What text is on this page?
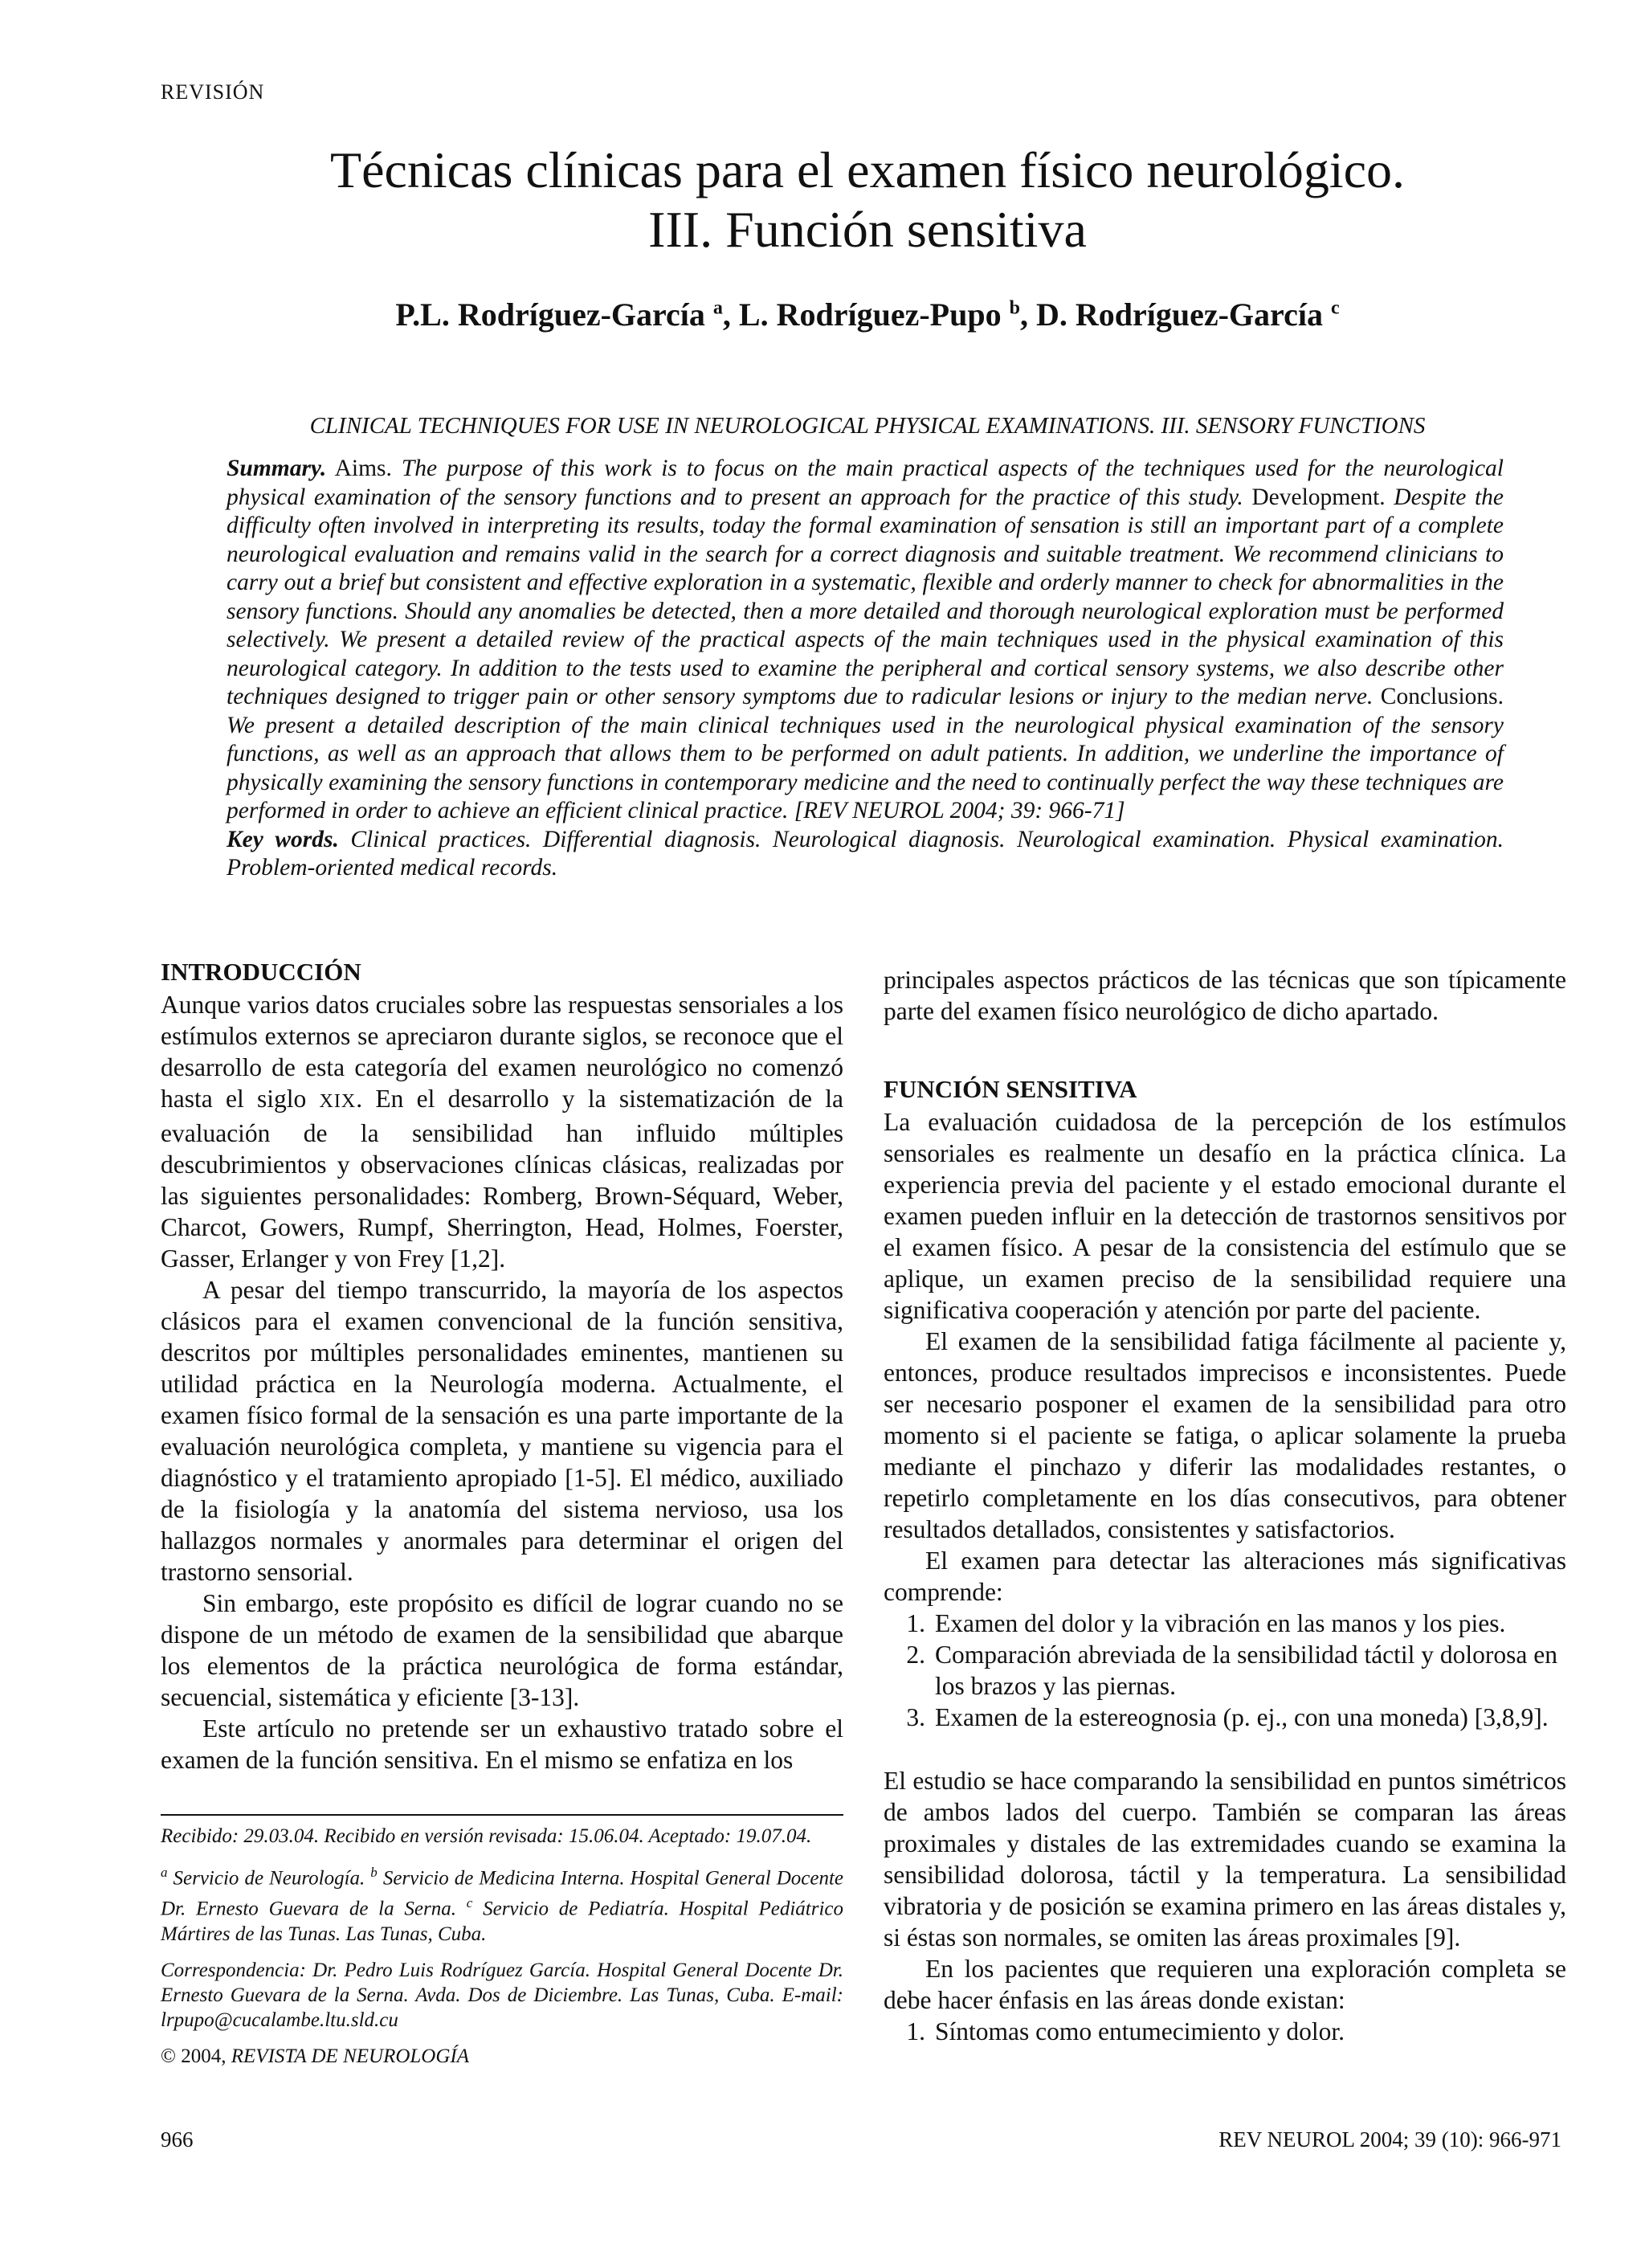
REVISIÓN
Técnicas clínicas para el examen físico neurológico.
III. Función sensitiva
P.L. Rodríguez-García $^a$, L. Rodríguez-Pupo $^b$, D. Rodríguez-García $^c$
CLINICAL TECHNIQUES FOR USE IN NEUROLOGICAL PHYSICAL EXAMINATIONS. III. SENSORY FUNCTIONS

Summary. Aims. The purpose of this work is to focus on the main practical aspects of the techniques used for the neurological physical examination of the sensory functions and to present an approach for the practice of this study. Development. Despite the difficulty often involved in interpreting its results, today the formal examination of sensation is still an important part of a complete neurological evaluation and remains valid in the search for a correct diagnosis and suitable treatment. We recommend clinicians to carry out a brief but consistent and effective exploration in a systematic, flexible and orderly manner to check for abnormalities in the sensory functions. Should any anomalies be detected, then a more detailed and thorough neurological exploration must be performed selectively. We present a detailed review of the practical aspects of the main techniques used in the physical examination of this neurological category. In addition to the tests used to examine the peripheral and cortical sensory systems, we also describe other techniques designed to trigger pain or other sensory symptoms due to radicular lesions or injury to the median nerve. Conclusions. We present a detailed description of the main clinical techniques used in the neurological physical examination of the sensory functions, as well as an approach that allows them to be performed on adult patients. In addition, we underline the importance of physically examining the sensory functions in contemporary medicine and the need to continually perfect the way these techniques are performed in order to achieve an efficient clinical practice. [REV NEUROL 2004; 39: 966-71]

Key words. Clinical practices. Differential diagnosis. Neurological diagnosis. Neurological examination. Physical examination. Problem-oriented medical records.

INTRODUCCIÓN

Aunque varios datos cruciales sobre las respuestas sensoriales a los estímulos externos se apreciaron durante siglos, se reconoce que el desarrollo de esta categoría del examen neurológico no comenzó hasta el siglo XIX. En el desarrollo y la sistematización de la evaluación de la sensibilidad han influido múltiples descubrimientos y observaciones clínicas clásicas, realizadas por las siguientes personalidades: Romberg, Brown-Séquard, Weber, Charcot, Gowers, Rumpf, Sherrington, Head, Holmes, Foerster, Gasser, Erlanger y von Frey [1,2].

A pesar del tiempo transcurrido, la mayoría de los aspectos clásicos para el examen convencional de la función sensitiva, descritos por múltiples personalidades eminentes, mantienen su utilidad práctica en la Neurología moderna. Actualmente, el examen físico formal de la sensación es una parte importante de la evaluación neurológica completa, y mantiene su vigencia para el diagnóstico y el tratamiento apropiado [1-5]. El médico, auxiliado de la fisiología y la anatomía del sistema nervioso, usa los hallazgos normales y anormales para determinar el origen del trastorno sensorial.

Sin embargo, este propósito es difícil de lograr cuando no se dispone de un método de examen de la sensibilidad que abarque los elementos de la práctica neurológica de forma estándar, secuencial, sistemática y eficiente [3-13].

Este artículo no pretende ser un exhaustivo tratado sobre el examen de la función sensitiva. En el mismo se enfatiza en los

Recibido: 29.03.04. Recibido en versión revisada: 15.06.04. Aceptado: 19.07.04.

$^a$ Servicio de Neurología. $^b$ Servicio de Medicina Interna. Hospital General Docente Dr. Ernesto Guevara de la Serna. $^c$ Servicio de Pediatría. Hospital Pediátrico Mártires de las Tunas. Las Tunas, Cuba.

Correspondencia: Dr. Pedro Luis Rodríguez García. Hospital General Docente Dr. Ernesto Guevara de la Serna. Avda. Dos de Diciembre. Las Tunas, Cuba. E-mail: lrpupo@cucalambe.ltu.sld.cu

© 2004, REVISTA DE NEUROLOGÍA

principales aspectos prácticos de las técnicas que son típicamente parte del examen físico neurológico de dicho apartado.

FUNCIÓN SENSITIVA

La evaluación cuidadosa de la percepción de los estímulos sensoriales es realmente un desafío en la práctica clínica. La experiencia previa del paciente y el estado emocional durante el examen pueden influir en la detección de trastornos sensitivos por el examen físico. A pesar de la consistencia del estímulo que se aplique, un examen preciso de la sensibilidad requiere una significativa cooperación y atención por parte del paciente.

El examen de la sensibilidad fatiga fácilmente al paciente y, entonces, produce resultados imprecisos e inconsistentes. Puede ser necesario posponer el examen de la sensibilidad para otro momento si el paciente se fatiga, o aplicar solamente la prueba mediante el pinchazo y diferir las modalidades restantes, o repetirlo completamente en los días consecutivos, para obtener resultados detallados, consistentes y satisfactorios.

El examen para detectar las alteraciones más significativas comprende:

1. Examen del dolor y la vibración en las manos y los pies.
2. Comparación abreviada de la sensibilidad táctil y dolorosa en los brazos y las piernas.
3. Examen de la estereognosia (p. ej., con una moneda) [3,8,9].

El estudio se hace comparando la sensibilidad en puntos simétricos de ambos lados del cuerpo. También se comparan las áreas proximales y distales de las extremidades cuando se examina la sensibilidad dolorosa, táctil y la temperatura. La sensibilidad vibratoria y de posición se examina primero en las áreas distales y, si éstas son normales, se omiten las áreas proximales [9].

En los pacientes que requieren una exploración completa se debe hacer énfasis en las áreas donde existan:

1. Síntomas como entumecimiento y dolor.
966	REV NEUROL 2004; 39 (10): 966-971
